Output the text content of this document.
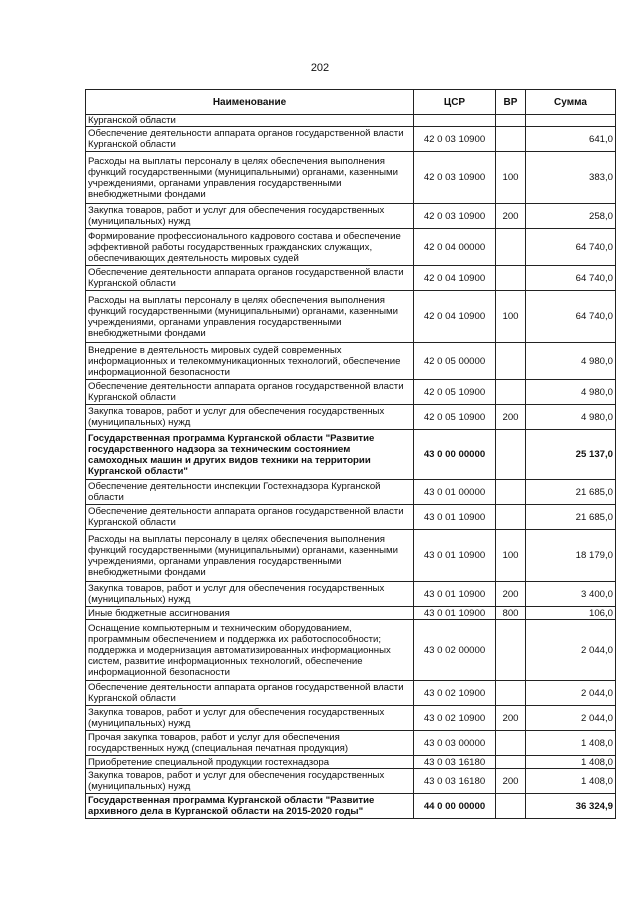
202
Наименование	ЦСР	ВР	Сумма
Курганской области			
Обеспечение деятельности аппарата органов государственной власти Курганской области	42 0 03 10900		641,0
Расходы на выплаты персоналу в целях обеспечения выполнения функций государственными (муниципальными) органами, казенными учреждениями, органами управления государственными внебюджетными фондами	42 0 03 10900	100	383,0
Закупка товаров, работ и услуг для обеспечения государственных (муниципальных) нужд	42 0 03 10900	200	258,0
Формирование профессионального кадрового состава и обеспечение эффективной работы государственных гражданских служащих, обеспечивающих деятельность мировых судей	42 0 04 00000		64 740,0
Обеспечение деятельности аппарата органов государственной власти Курганской области	42 0 04 10900		64 740,0
Расходы на выплаты персоналу в целях обеспечения выполнения функций государственными (муниципальными) органами, казенными учреждениями, органами управления государственными внебюджетными фондами	42 0 04 10900	100	64 740,0
Внедрение в деятельность мировых судей современных информационных и телекоммуникационных технологий, обеспечение информационной безопасности	42 0 05 00000		4 980,0
Обеспечение деятельности аппарата органов государственной власти Курганской области	42 0 05 10900		4 980,0
Закупка товаров, работ и услуг для обеспечения государственных (муниципальных) нужд	42 0 05 10900	200	4 980,0
Государственная программа Курганской области "Развитие государственного надзора за техническим состоянием самоходных машин и других видов техники на территории Курганской области"	43 0 00 00000		25 137,0
Обеспечение деятельности инспекции Гостехнадзора Курганской области	43 0 01 00000		21 685,0
Обеспечение деятельности аппарата органов государственной власти Курганской области	43 0 01 10900		21 685,0
Расходы на выплаты персоналу в целях обеспечения выполнения функций государственными (муниципальными) органами, казенными учреждениями, органами управления государственными внебюджетными фондами	43 0 01 10900	100	18 179,0
Закупка товаров, работ и услуг для обеспечения государственных (муниципальных) нужд	43 0 01 10900	200	3 400,0
Иные бюджетные ассигнования	43 0 01 10900	800	106,0
Оснащение компьютерным и техническим оборудованием, программным обеспечением и поддержка их работоспособности; поддержка и модернизация автоматизированных информационных систем, развитие информационных технологий, обеспечение информационной безопасности	43 0 02 00000		2 044,0
Обеспечение деятельности аппарата органов государственной власти Курганской области	43 0 02 10900		2 044,0
Закупка товаров, работ и услуг для обеспечения государственных (муниципальных) нужд	43 0 02 10900	200	2 044,0
Прочая закупка товаров, работ и услуг для обеспечения государственных нужд (специальная печатная продукция)	43 0 03 00000		1 408,0
Приобретение специальной продукции гостехнадзора	43 0 03 16180		1 408,0
Закупка товаров, работ и услуг для обеспечения государственных (муниципальных) нужд	43 0 03 16180	200	1 408,0
Государственная программа Курганской области "Развитие архивного дела в Курганской области на 2015-2020 годы"	44 0 00 00000		36 324,9
